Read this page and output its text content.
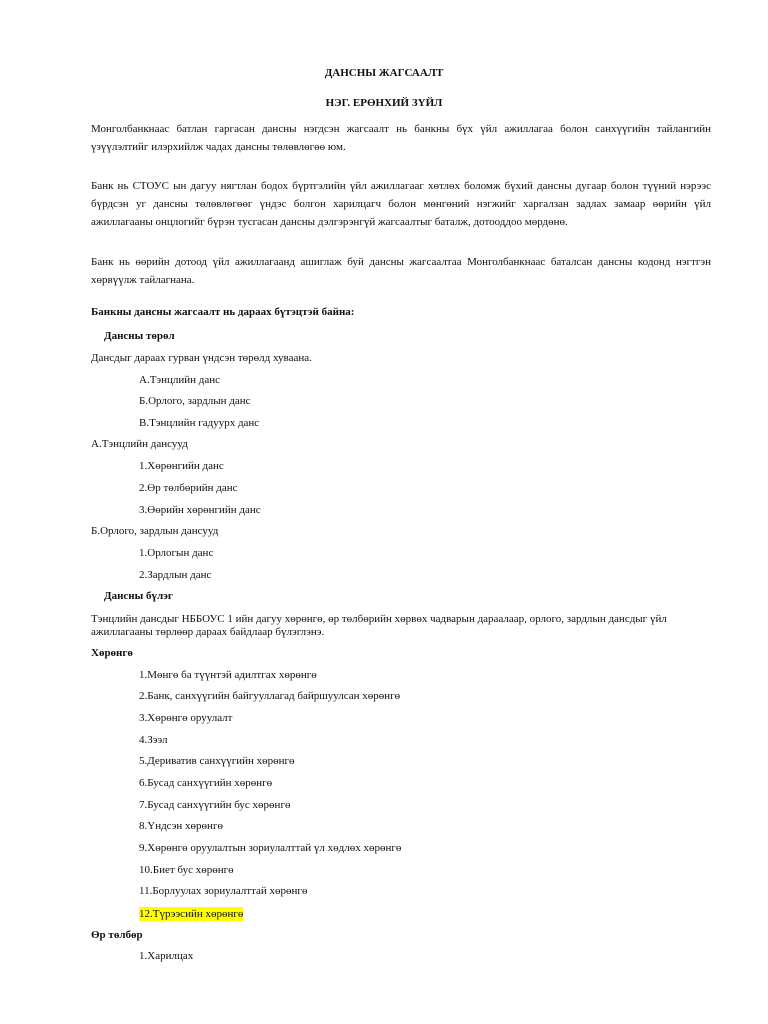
ДАНСНЫ ЖАГСААЛТ
НЭГ. ЕРӨНХИЙ ЗҮЙЛ
Монголбанкнаас батлан гаргасан дансны нэгдсэн жагсаалт нь банкны бүх үйл ажиллагаа болон санхүүгийн тайлангийн үзүүлэлтийг илэрхийлж чадах дансны төлөвлөгөө юм.
Банк нь СТОУС ын дагуу нягтлан бодох бүртгэлийн үйл ажиллагааг хөтлөх боломж бүхий дансны дугаар болон түүний нэрээс бүрдсэн уг дансны төлөвлөгөөг үндэс болгон харилцагч болон мөнгөний нэгжийг харгалзан задлах замаар өөрийн үйл ажиллагааны онцлогийг бүрэн тусгасан дансны дэлгэрэнгүй жагсаалтыг баталж, дотооддоо мөрдөнө.
Банк нь өөрийн дотоод үйл ажиллагаанд ашиглаж буй дансны жагсаалтаа Монголбанкнаас баталсан дансны кодонд нэгтгэн хөрвүүлж тайлагнана.
Банкны дансны жагсаалт нь дараах бүтэцтэй байна:
Дансны төрөл
Дансдыг дараах гурван үндсэн төрөлд хуваана.
А.Тэнцлийн данс
Б.Орлого, зардлын данс
В.Тэнцлийн гадуурх данс
А.Тэнцлийн дансууд
1.Хөрөнгийн данс
2.Өр төлбөрийн данс
3.Өөрийн хөрөнгийн данс
Б.Орлого, зардлын дансууд
1.Орлогын данс
2.Зардлын данс
Дансны бүлэг
Тэнцлийн дансдыг НББОУС 1 ийн дагуу хөрөнгө, өр төлбөрийн хөрвөх чадварын дараалаар, орлого, зардлын дансдыг үйл
ажиллагааны төрлөөр дараах байдлаар бүлэглэнэ.
Хөрөнгө
1.Мөнгө ба түүнтэй адилтгах хөрөнгө
2.Банк, санхүүгийн байгууллагад байршуулсан хөрөнгө
3.Хөрөнгө оруулалт
4.Зээл
5.Дериватив санхүүгийн хөрөнгө
6.Бусад санхүүгийн хөрөнгө
7.Бусад санхүүгийн бус хөрөнгө
8.Үндсэн хөрөнгө
9.Хөрөнгө оруулалтын зориулалттай үл хөдлөх хөрөнгө
10.Биет бус хөрөнгө
11.Борлуулах зориулалттай хөрөнгө
12.Түрээсийн хөрөнгө
Өр төлбөр
1.Харилцах
